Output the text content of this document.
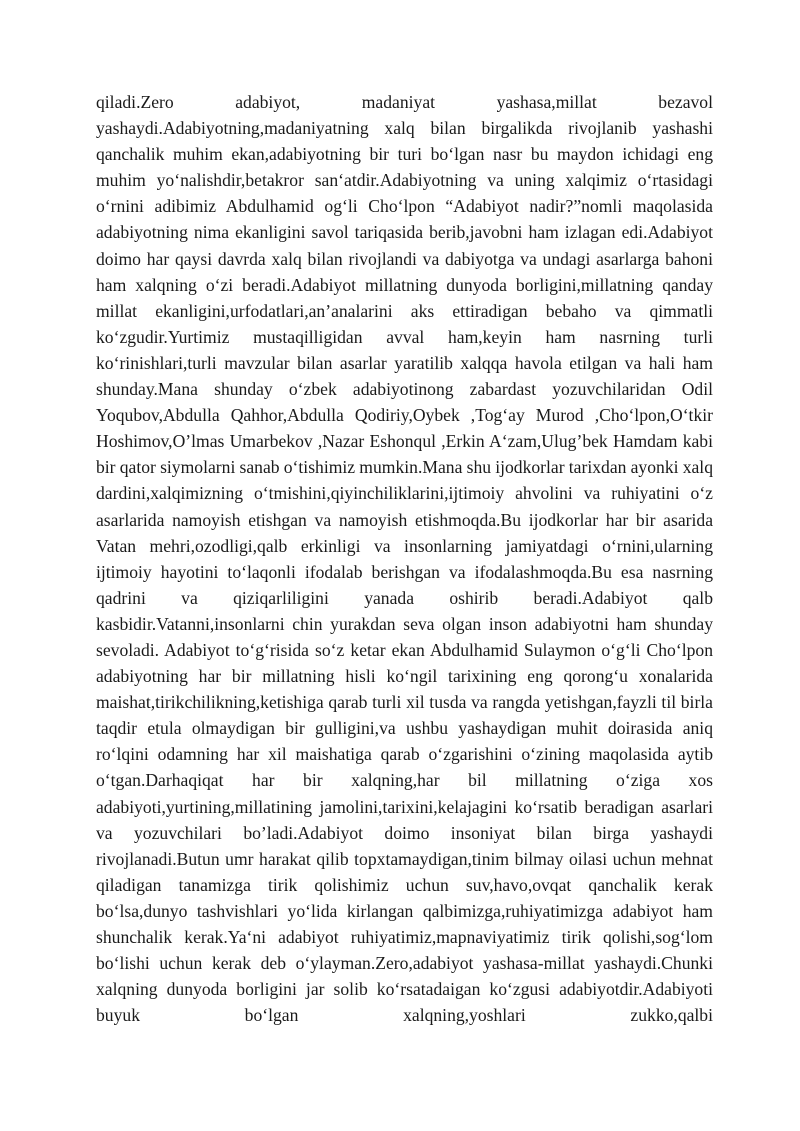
qiladi.Zero adabiyot, madaniyat yashasa,millat bezavol yashaydi.Adabiyotning,madaniyatning xalq bilan birgalikda rivojlanib yashashi qanchalik muhim ekan,adabiyotning bir turi bo‘lgan nasr bu maydon ichidagi eng muhim yo‘nalishdir,betakror san‘atdir.Adabiyotning va uning xalqimiz o‘rtasidagi o‘rnini adibimiz Abdulhamid og‘li Cho‘lpon “Adabiyot nadir?”nomli maqolasida adabiyotning nima ekanligini savol tariqasida berib,javobni ham izlagan edi.Adabiyot doimo har qaysi davrda xalq bilan rivojlandi va dabiyotga va undagi asarlarga bahoni ham xalqning o‘zi beradi.Adabiyot millatning dunyoda borligini,millatning qanday millat ekanligini,urfodatlari,an’analarini aks ettiradigan bebaho va qimmatli ko‘zgudir.Yurtimiz mustaqilligidan avval ham,keyin ham nasrning turli ko‘rinishlari,turli mavzular bilan asarlar yaratilib xalqqa havola etilgan va hali ham shunday.Mana shunday o‘zbek adabiyotinong zabardast yozuvchilaridan Odil Yoqubov,Abdulla Qahhor,Abdulla Qodiriy,Oybek ,Tog‘ay Murod ,Cho‘lpon,O‘tkir Hoshimov,O’lmas Umarbekov ,Nazar Eshonqul ,Erkin A‘zam,Ulug’bek Hamdam kabi bir qator siymolarni sanab o‘tishimiz mumkin.Mana shu ijodkorlar tarixdan ayonki xalq dardini,xalqimizning o‘tmishini,qiyinchiliklarini,ijtimoiy ahvolini va ruhiyatini o‘z asarlarida namoyish etishgan va namoyish etishmoqda.Bu ijodkorlar har bir asarida Vatan mehri,ozodligi,qalb erkinligi va insonlarning jamiyatdagi o‘rnini,ularning ijtimoiy hayotini to‘laqonli ifodalab berishgan va ifodalashmoqda.Bu esa nasrning qadrini va qiziqarliligini yanada oshirib beradi.Adabiyot qalb kasbidir.Vatanni,insonlarni chin yurakdan seva olgan inson adabiyotni ham shunday sevoladi. Adabiyot to‘g‘risida so‘z ketar ekan Abdulhamid Sulaymon o‘g‘li Cho‘lpon adabiyotning har bir millatning hisli ko‘ngil tarixining eng qorong‘u xonalarida maishat,tirikchilikning,ketishiga qarab turli xil tusda va rangda yetishgan,fayzli til birla taqdir etula olmaydigan bir gulligini,va ushbu yashaydigan muhit doirasida aniq ro‘lqini odamning har xil maishatiga qarab o‘zgarishini o‘zining maqolasida aytib o‘tgan.Darhaqiqat har bir xalqning,har bil millatning o‘ziga xos adabiyoti,yurtining,millatining jamolini,tarixini,kelajagini ko‘rsatib beradigan asarlari va yozuvchilari bo’ladi.Adabiyot doimo insoniyat bilan birga yashaydi rivojlanadi.Butun umr harakat qilib topxtamaydigan,tinim bilmay oilasi uchun mehnat qiladigan tanamizga tirik qolishimiz uchun suv,havo,ovqat qanchalik kerak bo‘lsa,dunyo tashvishlari yo‘lida kirlangan qalbimizga,ruhiyatimizga adabiyot ham shunchalik kerak.Ya‘ni adabiyot ruhiyatimiz,mapnaviyatimiz tirik qolishi,sog‘lom bo‘lishi uchun kerak deb o‘ylayman.Zero,adabiyot yashasa-millat yashaydi.Chunki xalqning dunyoda borligini jar solib ko‘rsatadaigan ko‘zgusi adabiyotdir.Adabiyoti buyuk bo‘lgan xalqning,yoshlari zukko,qalbi
